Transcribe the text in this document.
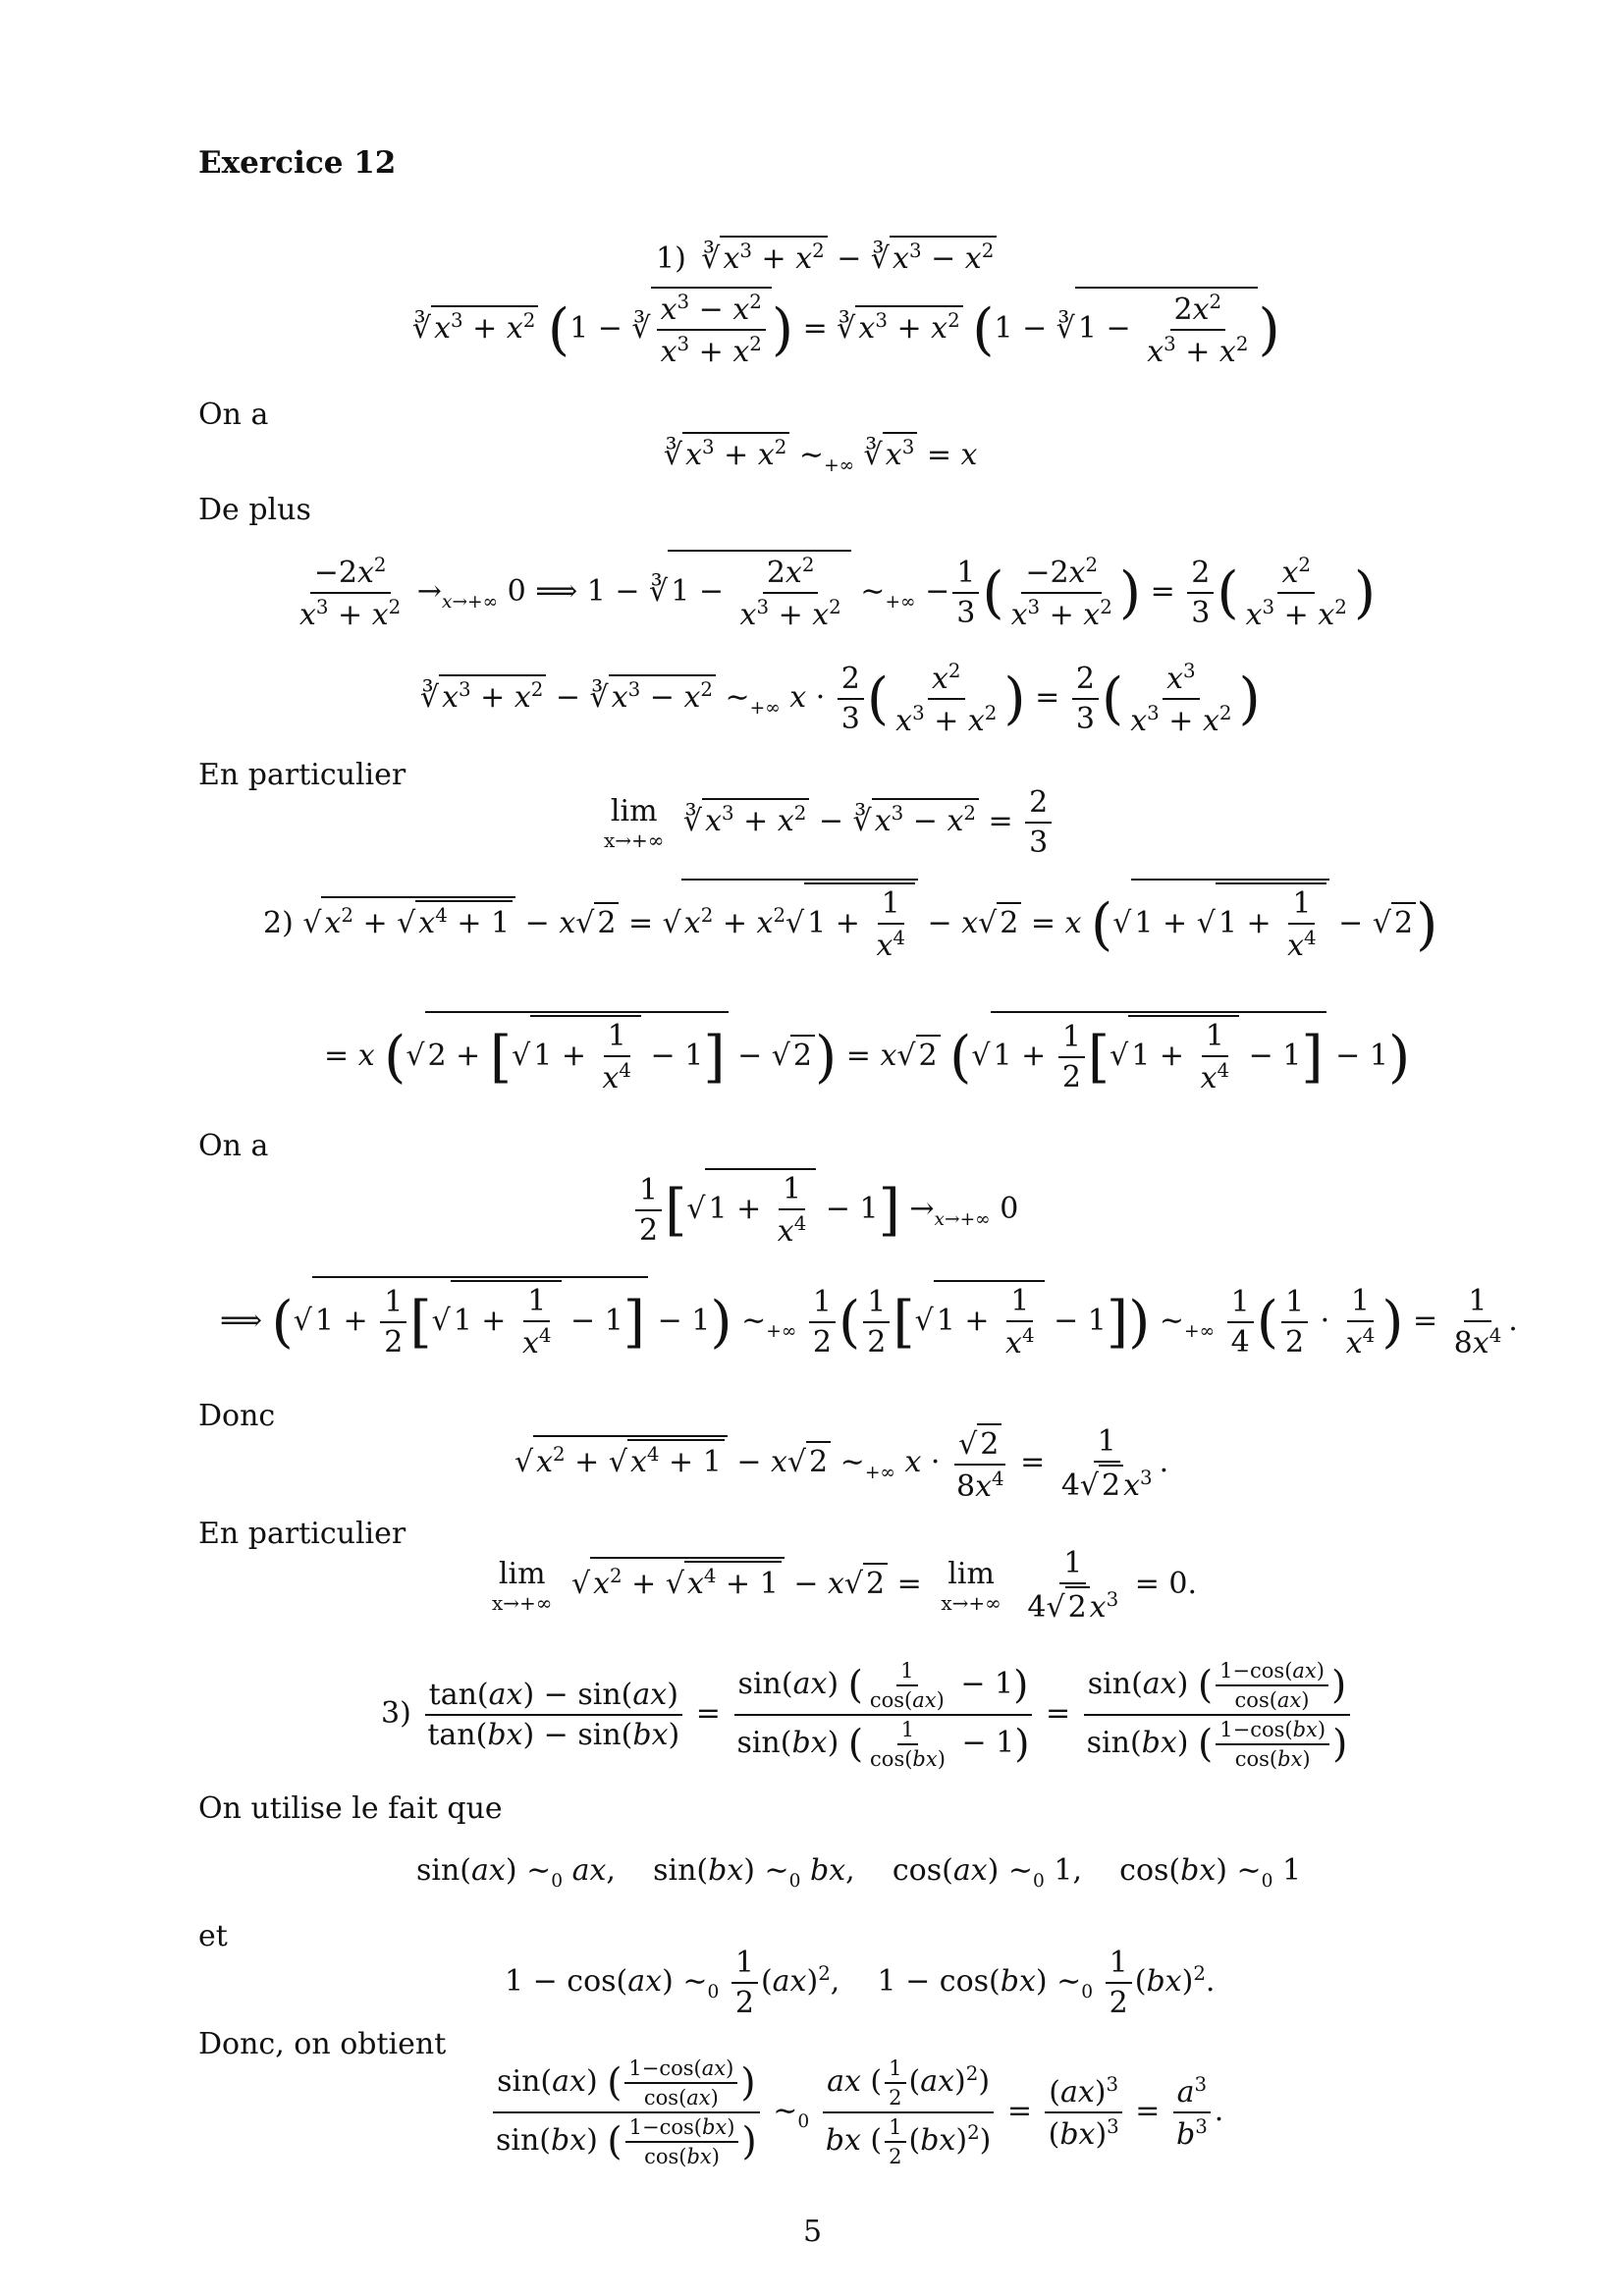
Exercice 12
1) ∛ $x^3 + x^2$ − ∛ $x^3 - x^2$
∛ $x^3 + x^2$ (1 − ∛ $\frac{x^3 - x^2}{x^3 + x^2}$ ) = ∛ $x^3 + x^2$ (1 − ∛ $1 - \frac{2x^2}{x^3 + x^2}$ )
On a
∛ $x^3 + x^2$ $\sim_{+\infty}$ ∛ $x^3 = x$
De plus
$\frac{-2x^2}{x^3 + x^2} \to_{x\to+\infty}$ 0 ⟹ 1 − ∛ $1 - \frac{2x^2}{x^3 + x^2}$ $\sim_{+\infty} - \frac{1}{3}$ ( $\frac{-2x^2}{x^3 + x^2}$ ) = $\frac{2}{3}$ ( $\frac{x^2}{x^3 + x^2}$ )
∛ $x^3 + x^2$ − ∛ $x^3 - x^2$ $\sim_{+\infty}$ $x \cdot \frac{2}{3}$ ( $\frac{x^2}{x^3 + x^2}$ ) = $\frac{2}{3}$ ( $\frac{x^3}{x^3 + x^2}$ )
En particulier
lim
x→+∞
∛ $x^3 + x^2$ − ∛ $x^3 - x^2 = \frac{2}{3}$
2) √ $x^2$ + √ $x^4 + 1 - x√$ 2 = √ $x^2 + x^2√$ $1 + \frac{1}{x^4} - x√$ 2 = x (√ 1 + √ $1 + \frac{1}{x^4}$ − √ 2)
= x (√ 2 + [√ $1 + \frac{1}{x^4} - 1$] − √ 2) = x√ 2 (√ $1 + \frac{1}{2}$ [√ $1 + \frac{1}{x^4} - 1] - 1$)
On a
$\frac{1}{2}$ [√ $1 + \frac{1}{x^4} - 1] \to_{x\to+\infty}$ 0
⟹ (√ $1 + \frac{1}{2}$ [√ $1 + \frac{1}{x^4} - 1] - 1$) $\sim_{+\infty} \frac{1}{2}$ ( $\frac{1}{2}$ [√ $1 + \frac{1}{x^4} - 1$]) $\sim_{+\infty} \frac{1}{4}$ ( $\frac{1}{2} \cdot \frac{1}{x^4}$ ) = $\frac{1}{8x^4}$ .
Donc
√ $x^2$ + √ $x^4 + 1 - x√$ 2 $\sim_{+\infty}$ $x \cdot \frac{√ 2}{8x^4} = \frac{1}{4√ 2 x^3}$ .
En particulier
lim
x→+∞
√ $x^2$ + √ $x^4 + 1 - x√$ 2 = lim
x→+∞
$\frac{1}{4√ 2 x^3} = 0$.
$3) \frac{\tan(ax) - \sin(ax)}{\tan(bx) - \sin(bx)} = \frac{\sin(ax) ( \frac{1}{\cos(ax)} - 1)}{\sin(bx) ( \frac{1}{\cos(bx)} - 1)} = \frac{\sin(ax) ( \frac{1-\cos(ax)}{\cos(ax)} )}{\sin(bx) ( \frac{1-\cos(bx)}{\cos(bx)} )}$
On utilise le fait que
sin(ax) $\sim_0$ ax,    sin(bx) $\sim_0$ bx,    cos(ax) $\sim_0$ 1,    cos(bx) $\sim_0$ 1
et
1 − cos(ax) $\sim_0 \frac{1}{2} (ax)^2$,    1 − cos(bx) $\sim_0 \frac{1}{2} (bx)^2$.
Donc, on obtient
$\frac{\sin(ax) ( \frac{1-\cos(ax)}{\cos(ax)} )}{\sin(bx) ( \frac{1-\cos(bx)}{\cos(bx)} )}$ $\sim_0 \frac{ax ( \frac{1}{2} (ax)^2)}{bx ( \frac{1}{2} (bx)^2)} = \frac{(ax)^3}{(bx)^3} = \frac{a^3}{b^3}$ .
5
